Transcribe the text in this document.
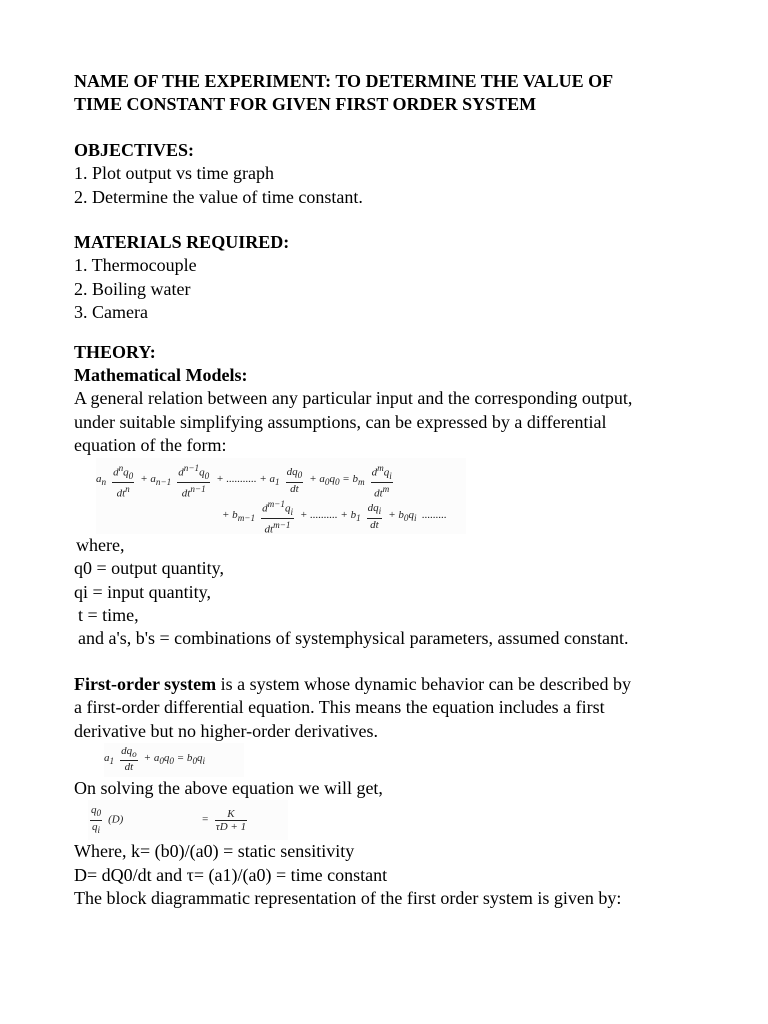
NAME OF THE EXPERIMENT: TO DETERMINE THE VALUE OF
TIME CONSTANT FOR GIVEN FIRST ORDER SYSTEM
OBJECTIVES:
1. Plot output vs time graph
2. Determine the value of time constant.
MATERIALS REQUIRED:
1. Thermocouple
2. Boiling water
3. Camera
THEORY:
Mathematical Models:
A general relation between any particular input and the corresponding output,
under suitable simplifying assumptions, can be expressed by a differential
equation of the form:
$a_n \frac{d^nq_0}{dt^n} + a_{n-1} \frac{d^{n-1}q_0}{dt^{n-1}}$ + ........... + $a_1 \frac{dq_0}{dt} + a_0q_0 = b_m \frac{d^mq_i}{dt^m}$
+ $b_{m-1} \frac{d^{m-1}q_i}{dt^{m-1}}$ + .......... + $b_1 \frac{dq_i}{dt} + b_0q_i$  .........
where,
q0 = output quantity,
qi = input quantity,
t = time,
and a's, b's = combinations of systemphysical parameters, assumed constant.
First-order system is a system whose dynamic behavior can be described by
a first-order differential equation. This means the equation includes a first
derivative but no higher-order derivatives.
$a_1 \frac{dq_o}{dt} + a_0q_0 = b_0q_i$
On solving the above equation we will get,
$\frac{q_0}{q_i} (D)$	= $\frac{K}{\tau D + 1}$
Where, k= (b0)/(a0) = static sensitivity
D= dQ0/dt and τ= (a1)/(a0) = time constant
The block diagrammatic representation of the first order system is given by:
